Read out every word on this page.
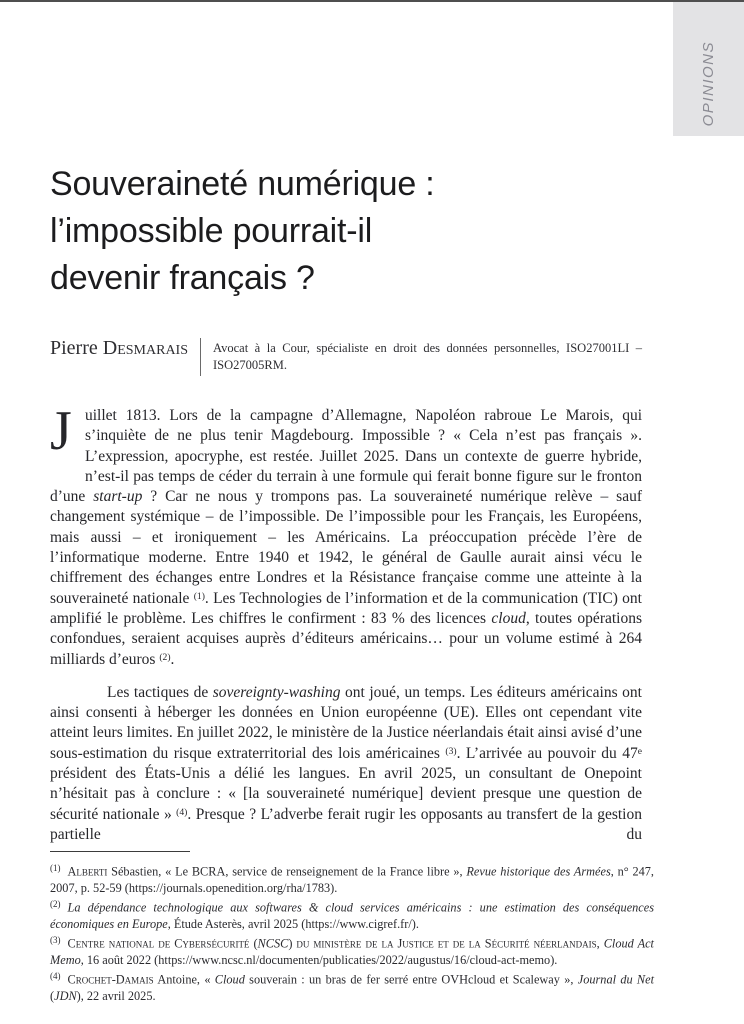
OPINIONS
Souveraineté numérique :
l’impossible pourrait-il
devenir français ?
Pierre Desmarais Avocat à la Cour, spécialiste en droit des données personnelles, ISO27001LI – ISO27005RM.

Juillet 1813. Lors de la campagne d’Allemagne, Napoléon rabroue Le Marois, qui s’inquiète de ne plus tenir Magdebourg. Impossible ? « Cela n’est pas français ». L’expression, apocryphe, est restée. Juillet 2025. Dans un contexte de guerre hybride, n’est-il pas temps de céder du terrain à une formule qui ferait bonne figure sur le fronton d’une start-up ? Car ne nous y trompons pas. La souveraineté numérique relève – sauf changement systémique – de l’impossible. De l’impossible pour les Français, les Européens, mais aussi – et ironiquement – les Américains. La préoccupation précède l’ère de l’informatique moderne. Entre 1940 et 1942, le général de Gaulle aurait ainsi vécu le chiffrement des échanges entre Londres et la Résistance française comme une atteinte à la souveraineté nationale $^{(1)}$. Les Technologies de l’information et de la communication (TIC) ont amplifié le problème. Les chiffres le confirment : 83 % des licences cloud, toutes opérations confondues, seraient acquises auprès d’éditeurs américains… pour un volume estimé à 264 milliards d’euros $^{(2)}$.

Les tactiques de sovereignty-washing ont joué, un temps. Les éditeurs américains ont ainsi consenti à héberger les données en Union européenne (UE). Elles ont cependant vite atteint leurs limites. En juillet 2022, le ministère de la Justice néerlandais était ainsi avisé d’une sous-estimation du risque extraterritorial des lois américaines $^{(3)}$. L’arrivée au pouvoir du 47e président des États-Unis a délié les langues. En avril 2025, un consultant de Onepoint n’hésitait pas à conclure : « [la souveraineté numérique] devient presque une question de sécurité nationale » $^{(4)}$. Presque ? L’adverbe ferait rugir les opposants au transfert de la gestion partielle du

$^{(1)}$ Alberti Sébastien, « Le BCRA, service de renseignement de la France libre », Revue historique des Armées, n° 247, 2007, p. 52-59 (https://journals.openedition.org/rha/1783).

$^{(2)}$ La dépendance technologique aux softwares & cloud services américains : une estimation des conséquences économiques en Europe, Étude Asterès, avril 2025 (https://www.cigref.fr/).

$^{(3)}$ Centre national de Cybersécurité (NCSC) du ministère de la Justice et de la Sécurité néerlandais, Cloud Act Memo, 16 août 2022 (https://www.ncsc.nl/documenten/publicaties/2022/augustus/16/cloud-act-memo).

$^{(4)}$ Crochet-Damais Antoine, « Cloud souverain : un bras de fer serré entre OVHcloud et Scaleway », Journal du Net (JDN), 22 avril 2025.
